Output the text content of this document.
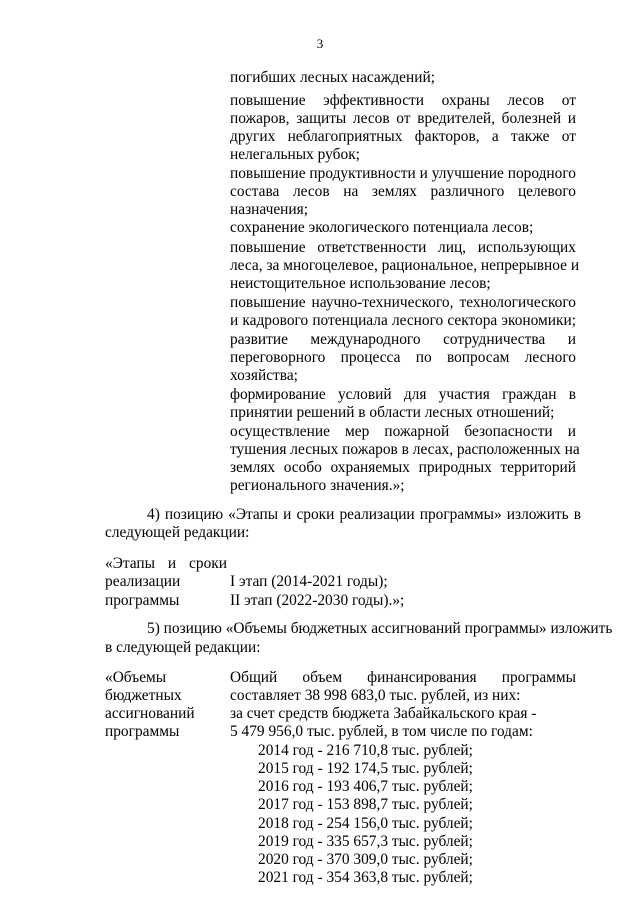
3
погибших лесных насаждений;
повышение эффективности охраны лесов от
пожаров, защиты лесов от вредителей, болезней и
других неблагоприятных факторов, а также от
нелегальных рубок;
повышение продуктивности и улучшение породного
состава лесов на землях различного целевого
назначения;
сохранение экологического потенциала лесов;
повышение ответственности лиц, использующих
леса, за многоцелевое, рациональное, непрерывное и
неистощительное использование лесов;
повышение научно-технического, технологического
и кадрового потенциала лесного сектора экономики;
развитие международного сотрудничества и
переговорного процесса по вопросам лесного
хозяйства;
формирование условий для участия граждан в
принятии решений в области лесных отношений;
осуществление мер пожарной безопасности и
тушения лесных пожаров в лесах, расположенных на
землях особо охраняемых природных территорий
регионального значения.»;
4) позицию «Этапы и сроки реализации программы» изложить в
следующей редакции:
«Этапы и сроки
реализации
программы
I этап (2014-2021 годы);
II этап (2022-2030 годы).»;
5) позицию «Объемы бюджетных ассигнований программы» изложить
в следующей редакции:
«Объемы
бюджетных
ассигнований
программы
Общий объем финансирования программы
составляет 38 998 683,0 тыс. рублей, из них:
за счет средств бюджета Забайкальского края -
5 479 956,0 тыс. рублей, в том числе по годам:
2014 год - 216 710,8 тыс. рублей;
2015 год - 192 174,5 тыс. рублей;
2016 год - 193 406,7 тыс. рублей;
2017 год - 153 898,7 тыс. рублей;
2018 год - 254 156,0 тыс. рублей;
2019 год - 335 657,3 тыс. рублей;
2020 год - 370 309,0 тыс. рублей;
2021 год - 354 363,8 тыс. рублей;
